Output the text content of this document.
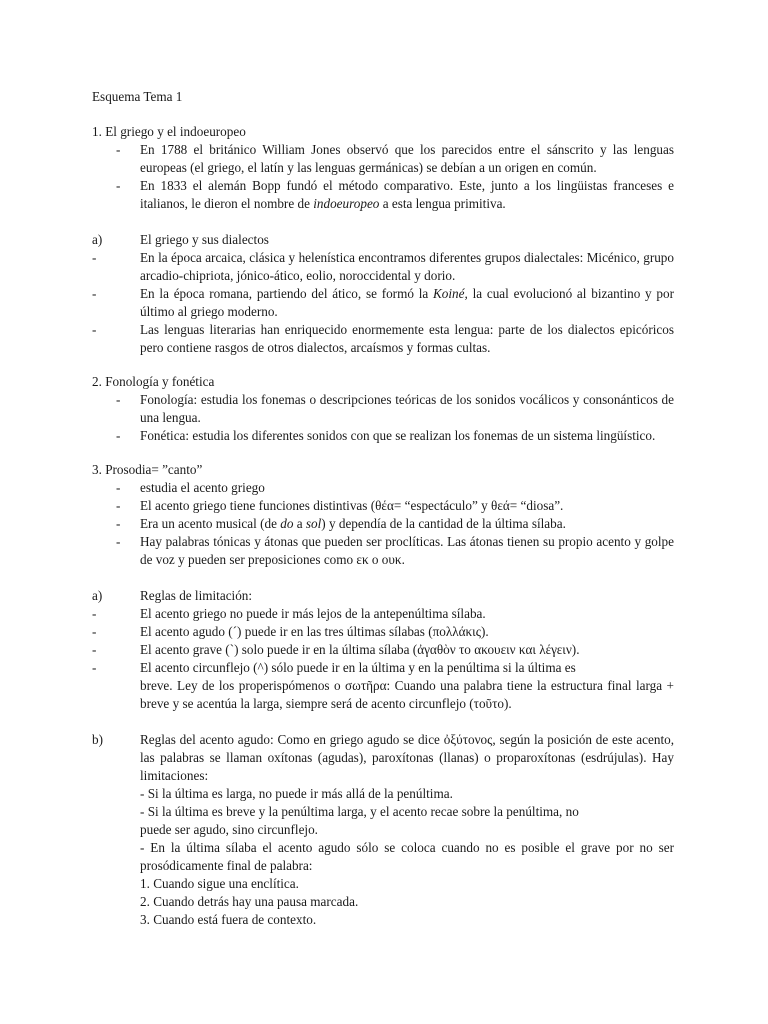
Esquema Tema 1

1. El griego y el indoeuropeo

-	En 1788 el británico William Jones observó que los parecidos entre el sánscrito y las lenguas europeas (el griego, el latín y las lenguas germánicas) se debían a un origen en común.
-	En 1833 el alemán Bopp fundó el método comparativo. Este, junto a los lingüistas franceses e italianos, le dieron el nombre de indoeuropeo a esta lengua primitiva.
a)	El griego y sus dialectos
-	En la época arcaica, clásica y helenística encontramos diferentes grupos dialectales: Micénico, grupo arcadio-chipriota, jónico-ático, eolio, noroccidental y dorio.
-	En la época romana, partiendo del ático, se formó la Koiné, la cual evolucionó al bizantino y por último al griego moderno.
-	Las lenguas literarias han enriquecido enormemente esta lengua: parte de los dialectos epicóricos pero contiene rasgos de otros dialectos, arcaísmos y formas cultas.

2. Fonología y fonética

-	Fonología: estudia los fonemas o descripciones teóricas de los sonidos vocálicos y consonánticos de una lengua.
-	Fonética: estudia los diferentes sonidos con que se realizan los fonemas de un sistema lingüístico.

3. Prosodia= ”canto”

-	estudia el acento griego
-	El acento griego tiene funciones distintivas (θέα= “espectáculo” y θεά= “diosa”.
-	Era un acento musical (de do a sol) y dependía de la cantidad de la última sílaba.
-	Hay palabras tónicas y átonas que pueden ser proclíticas. Las átonas tienen su propio acento y golpe de voz y pueden ser preposiciones como εκ o ουκ.
a)	Reglas de limitación:
-	El acento griego no puede ir más lejos de la antepenúltima sílaba.
-	El acento agudo (´) puede ir en las tres últimas sílabas (πολλάκις).
-	El acento grave (`) solo puede ir en la última sílaba (ἀγαθὸν το ακουειν και λέγειν).
-	El acento circunflejo (^) sólo puede ir en la última y en la penúltima si la última es
breve. Ley de los properispómenos o σωτῆρα: Cuando una palabra tiene la estructura final larga + breve y se acentúa la larga, siempre será de acento circunflejo (τοῦτο).
b)	Reglas del acento agudo: Como en griego agudo se dice ὀξύτονος, según la posición de este acento, las palabras se llaman oxítonas (agudas), paroxítonas (llanas) o proparoxítonas (esdrújulas). Hay limitaciones:
- Si la última es larga, no puede ir más allá de la penúltima.
- Si la última es breve y la penúltima larga, y el acento recae sobre la penúltima, no
puede ser agudo, sino circunflejo.
- En la última sílaba el acento agudo sólo se coloca cuando no es posible el grave por no ser prosódicamente final de palabra:
1. Cuando sigue una enclítica.
2. Cuando detrás hay una pausa marcada.
3. Cuando está fuera de contexto.
